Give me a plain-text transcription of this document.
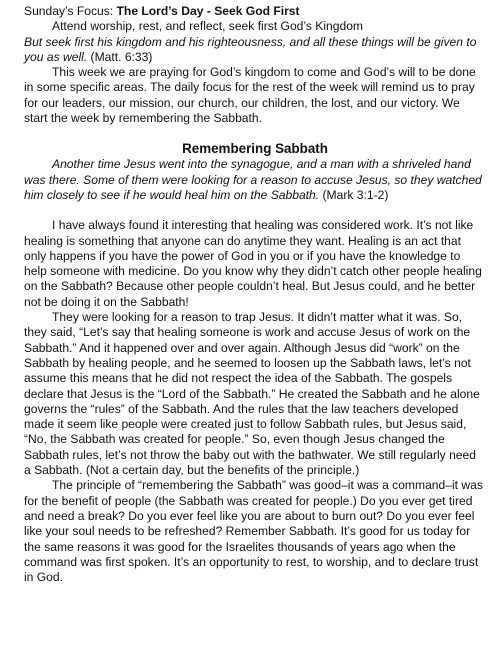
Sunday’s Focus: The Lord’s Day - Seek God First

Attend worship, rest, and reflect, seek first God’s Kingdom

But seek first his kingdom and his righteousness, and all these things will be given to you as well. (Matt. 6:33)

This week we are praying for God’s kingdom to come and God’s will to be done in some specific areas. The daily focus for the rest of the week will remind us to pray for our leaders, our mission, our church, our children, the lost, and our victory. We start the week by remembering the Sabbath.

Remembering Sabbath

Another time Jesus went into the synagogue, and a man with a shriveled hand was there. Some of them were looking for a reason to accuse Jesus, so they watched him closely to see if he would heal him on the Sabbath. (Mark 3:1-2)

I have always found it interesting that healing was considered work. It’s not like healing is something that anyone can do anytime they want. Healing is an act that only happens if you have the power of God in you or if you have the knowledge to help someone with medicine. Do you know why they didn’t catch other people healing on the Sabbath? Because other people couldn’t heal. But Jesus could, and he better not be doing it on the Sabbath!

They were looking for a reason to trap Jesus. It didn’t matter what it was. So, they said, “Let’s say that healing someone is work and accuse Jesus of work on the Sabbath.” And it happened over and over again. Although Jesus did “work” on the Sabbath by healing people, and he seemed to loosen up the Sabbath laws, let’s not assume this means that he did not respect the idea of the Sabbath. The gospels declare that Jesus is the “Lord of the Sabbath.” He created the Sabbath and he alone governs the “rules” of the Sabbath. And the rules that the law teachers developed made it seem like people were created just to follow Sabbath rules, but Jesus said, “No, the Sabbath was created for people.” So, even though Jesus changed the Sabbath rules, let’s not throw the baby out with the bathwater. We still regularly need a Sabbath. (Not a certain day, but the benefits of the principle.)

The principle of “remembering the Sabbath” was good–it was a command–it was for the benefit of people (the Sabbath was created for people.) Do you ever get tired and need a break? Do you ever feel like you are about to burn out? Do you ever feel like your soul needs to be refreshed? Remember Sabbath. It’s good for us today for the same reasons it was good for the Israelites thousands of years ago when the command was first spoken. It’s an opportunity to rest, to worship, and to declare trust in God.
